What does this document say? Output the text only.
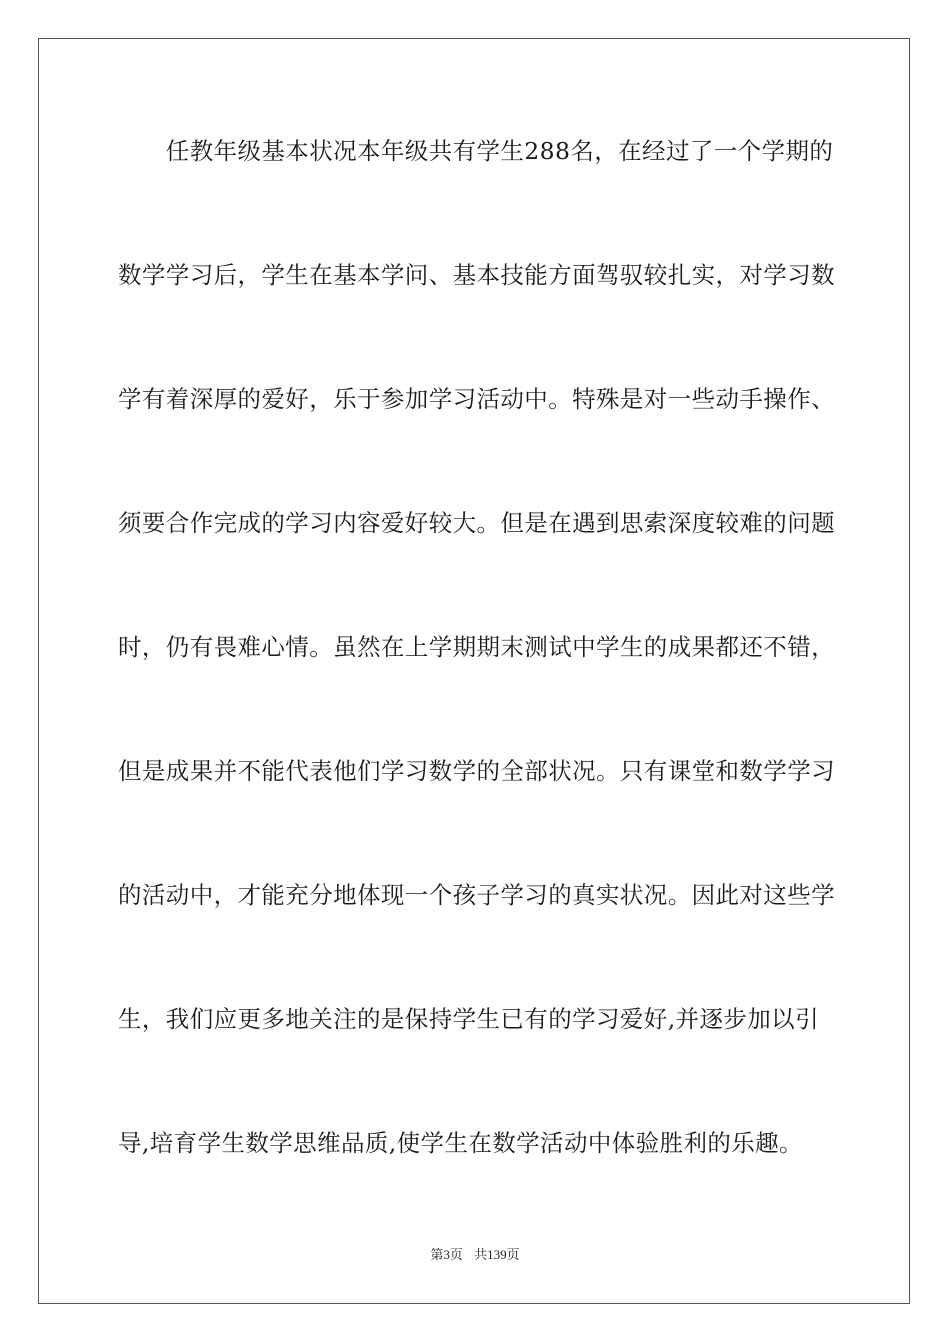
　　任教年级基本状况本年级共有学生288名，在经过了一个学期的
数学学习后，学生在基本学问、基本技能方面驾驭较扎实，对学习数
学有着深厚的爱好，乐于参加学习活动中。特殊是对一些动手操作、
须要合作完成的学习内容爱好较大。但是在遇到思索深度较难的问题
时，仍有畏难心情。虽然在上学期期末测试中学生的成果都还不错，
但是成果并不能代表他们学习数学的全部状况。只有课堂和数学学习
的活动中，才能充分地体现一个孩子学习的真实状况。因此对这些学
生，我们应更多地关注的是保持学生已有的学习爱好,并逐步加以引
导,培育学生数学思维品质,使学生在数学活动中体验胜利的乐趣。
第3页 共139页
